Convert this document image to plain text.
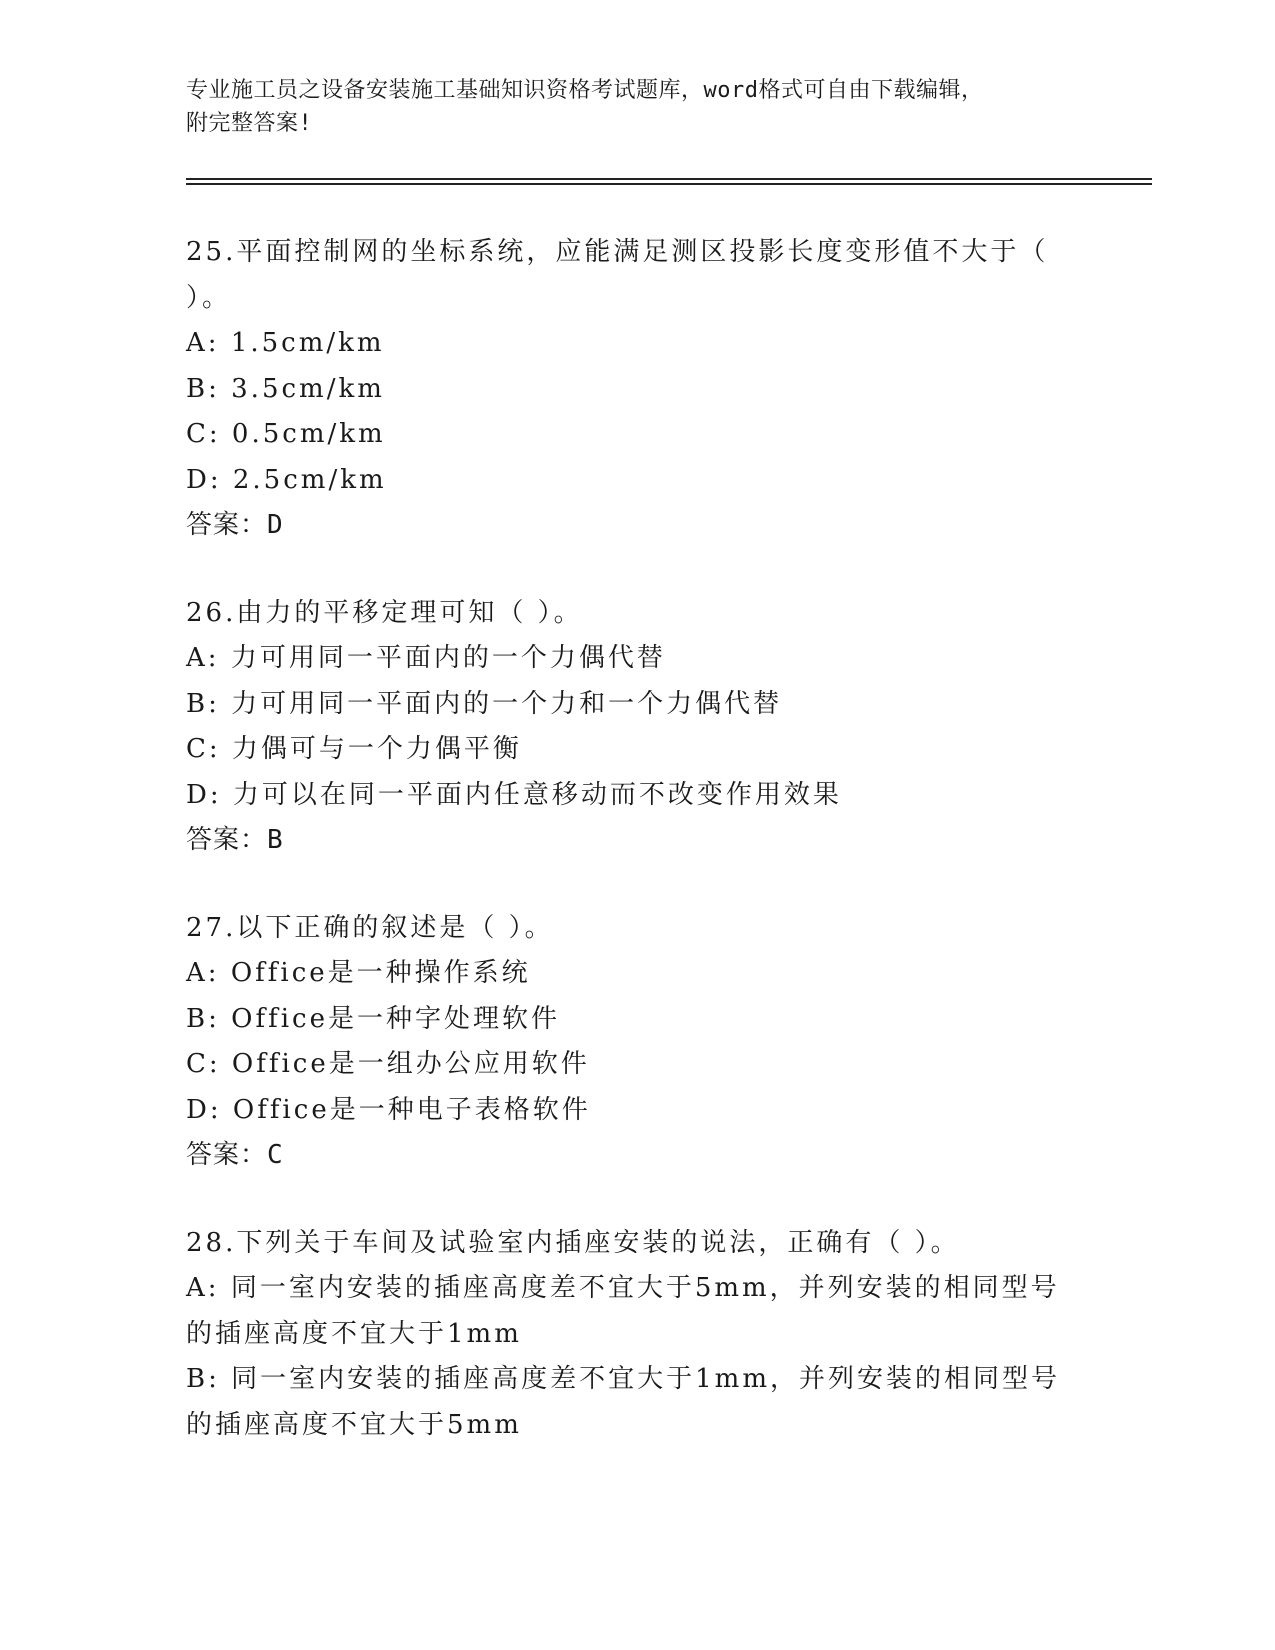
专业施工员之设备安装施工基础知识资格考试题库，word格式可自由下载编辑，
附完整答案!
25.平面控制网的坐标系统，应能满足测区投影长度变形值不大于（ ）。
A: 1.5cm/km
B: 3.5cm/km
C: 0.5cm/km
D: 2.5cm/km
答案：D
26.由力的平移定理可知（ ）。
A: 力可用同一平面内的一个力偶代替
B: 力可用同一平面内的一个力和一个力偶代替
C: 力偶可与一个力偶平衡
D: 力可以在同一平面内任意移动而不改变作用效果
答案：B
27.以下正确的叙述是（ ）。
A: Office是一种操作系统
B: Office是一种字处理软件
C: Office是一组办公应用软件
D: Office是一种电子表格软件
答案：C
28.下列关于车间及试验室内插座安装的说法，正确有（ ）。
A: 同一室内安装的插座高度差不宜大于5mm，并列安装的相同型号的插座高度不宜大于1mm
B: 同一室内安装的插座高度差不宜大于1mm，并列安装的相同型号的插座高度不宜大于5mm
